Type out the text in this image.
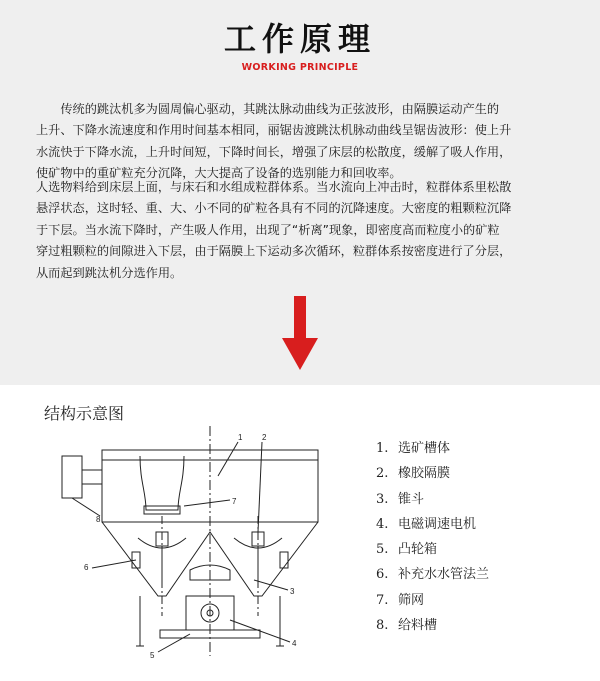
工作原理
WORKING PRINCIPLE
　　传统的跳汰机多为圆周偏心驱动，其跳汰脉动曲线为正弦波形，由隔膜运动产生的
上升、下降水流速度和作用时间基本相同，丽锯齿渡跳汰机脉动曲线呈锯齿波形：使上升
水流快于下降水流，上升时间短，下降时间长，增强了床层的松散度，缓解了吸人作用，
使矿物中的重矿粒充分沉降，大大提高了设备的选别能力和回收率。
人选物料给到床层上面，与床石和水组成粒群体系。当水流向上冲击时，粒群体系里松散
悬浮状态，这时轻、重、大、小不同的矿粒各具有不同的沉降速度。大密度的粗颗粒沉降
于下层。当水流下降时，产生吸人作用，出现了“析离”现象，即密度高而粒度小的矿粒
穿过粗颗粒的间隙进入下层，由于隔膜上下运动多次循环，粒群体系按密度进行了分层，
从而起到跳汰机分选作用。
结构示意图
1 2
3
4
5
6
7
8
1. 选矿槽体
2. 橡胶隔膜
3. 锥斗
4. 电磁调速电机
5. 凸轮箱
6. 补充水水管法兰
7. 筛网
8. 给料槽
